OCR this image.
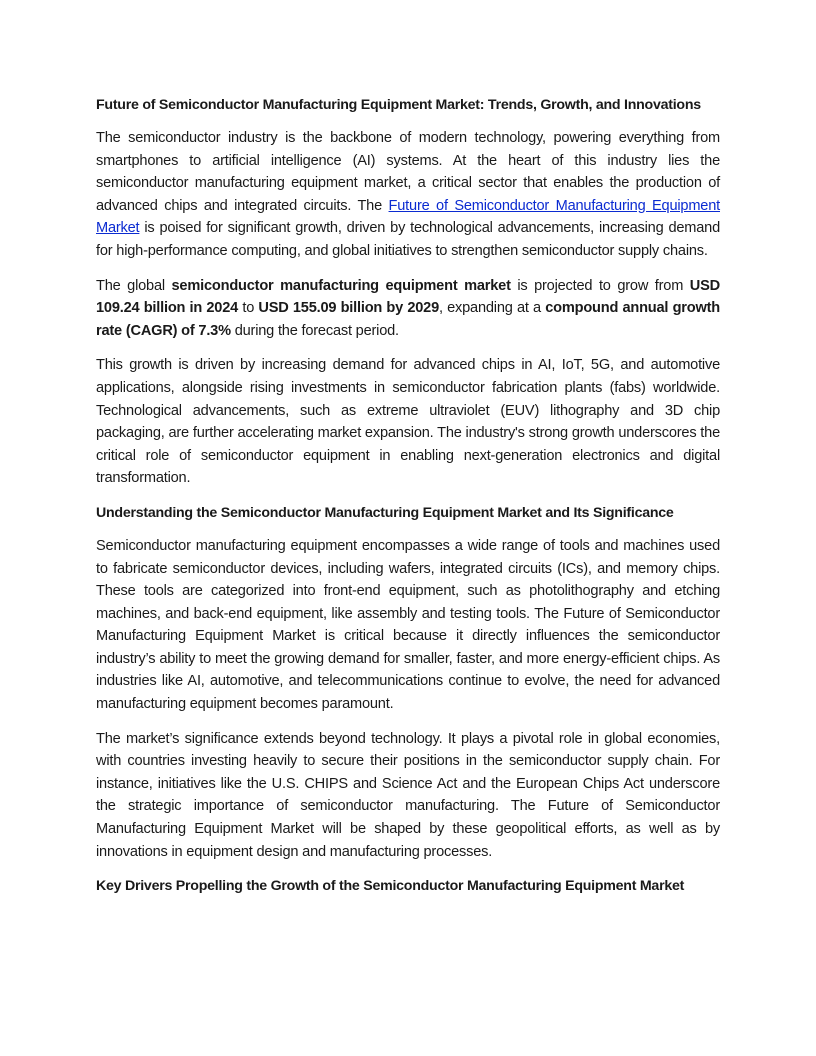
Future of Semiconductor Manufacturing Equipment Market: Trends, Growth, and Innovations
The semiconductor industry is the backbone of modern technology, powering everything from smartphones to artificial intelligence (AI) systems. At the heart of this industry lies the semiconductor manufacturing equipment market, a critical sector that enables the production of advanced chips and integrated circuits. The Future of Semiconductor Manufacturing Equipment Market is poised for significant growth, driven by technological advancements, increasing demand for high-performance computing, and global initiatives to strengthen semiconductor supply chains.
The global semiconductor manufacturing equipment market is projected to grow from USD 109.24 billion in 2024 to USD 155.09 billion by 2029, expanding at a compound annual growth rate (CAGR) of 7.3% during the forecast period.
This growth is driven by increasing demand for advanced chips in AI, IoT, 5G, and automotive applications, alongside rising investments in semiconductor fabrication plants (fabs) worldwide. Technological advancements, such as extreme ultraviolet (EUV) lithography and 3D chip packaging, are further accelerating market expansion. The industry's strong growth underscores the critical role of semiconductor equipment in enabling next-generation electronics and digital transformation.
Understanding the Semiconductor Manufacturing Equipment Market and Its Significance
Semiconductor manufacturing equipment encompasses a wide range of tools and machines used to fabricate semiconductor devices, including wafers, integrated circuits (ICs), and memory chips. These tools are categorized into front-end equipment, such as photolithography and etching machines, and back-end equipment, like assembly and testing tools. The Future of Semiconductor Manufacturing Equipment Market is critical because it directly influences the semiconductor industry’s ability to meet the growing demand for smaller, faster, and more energy-efficient chips. As industries like AI, automotive, and telecommunications continue to evolve, the need for advanced manufacturing equipment becomes paramount.
The market’s significance extends beyond technology. It plays a pivotal role in global economies, with countries investing heavily to secure their positions in the semiconductor supply chain. For instance, initiatives like the U.S. CHIPS and Science Act and the European Chips Act underscore the strategic importance of semiconductor manufacturing. The Future of Semiconductor Manufacturing Equipment Market will be shaped by these geopolitical efforts, as well as by innovations in equipment design and manufacturing processes.
Key Drivers Propelling the Growth of the Semiconductor Manufacturing Equipment Market
